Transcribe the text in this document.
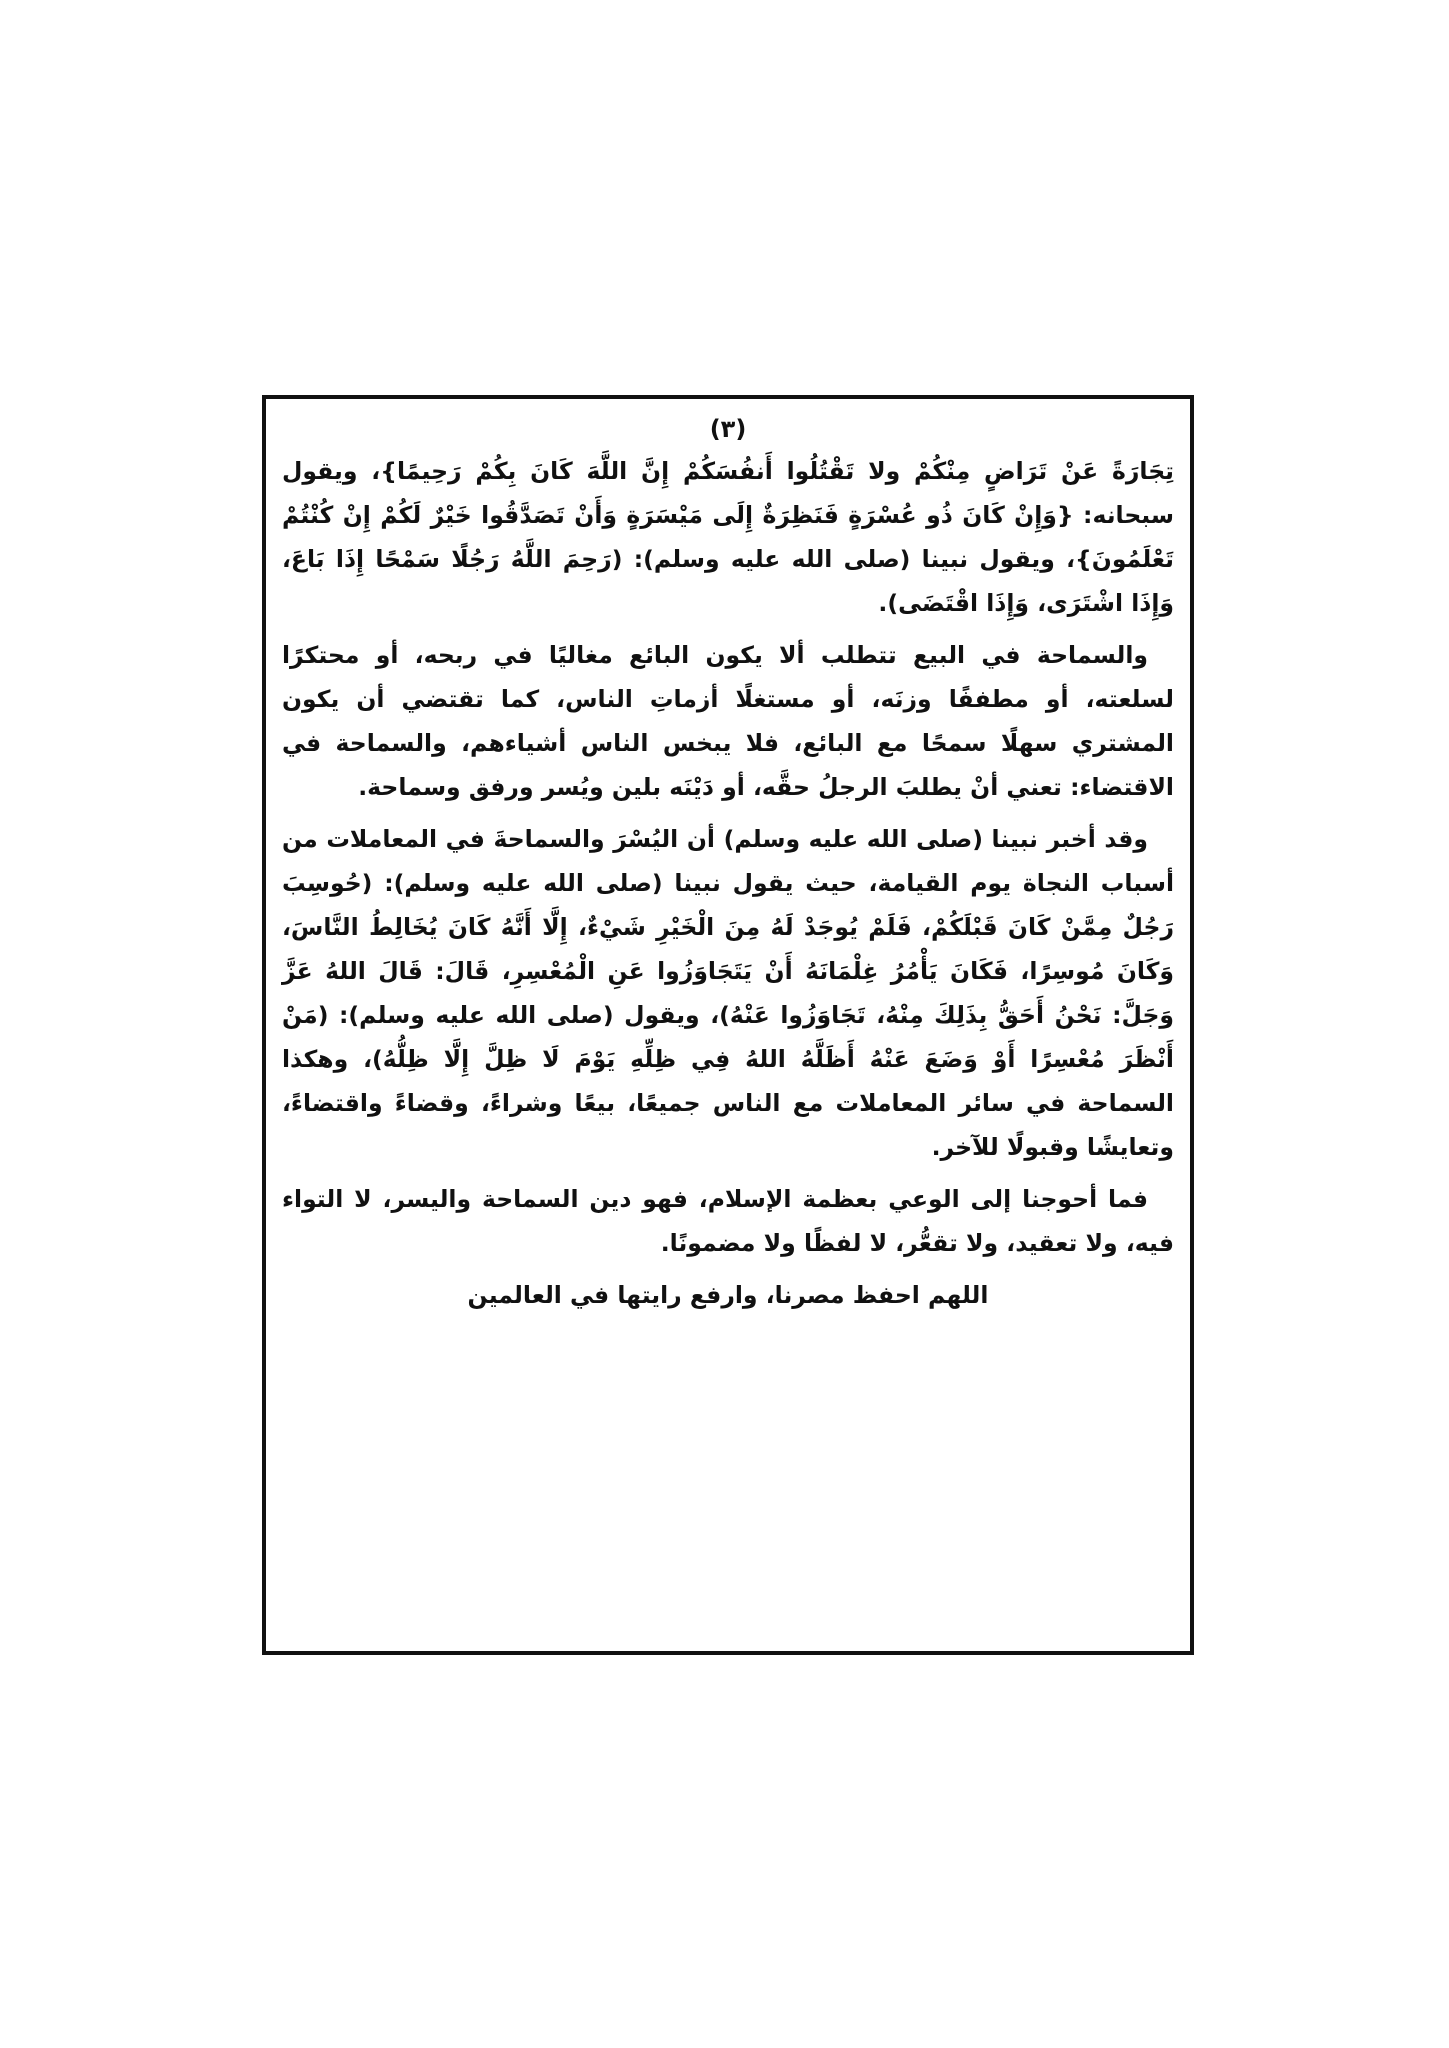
(٣)

تِجَارَةً عَنْ تَرَاضٍ مِنْكُمْ ولا تَقْتُلُوا أَنفُسَكُمْ إِنَّ اللَّهَ كَانَ بِكُمْ رَحِيمًا}، ويقول سبحانه: {وَإِنْ كَانَ ذُو عُسْرَةٍ فَنَظِرَةٌ إِلَى مَيْسَرَةٍ وَأَنْ تَصَدَّقُوا خَيْرٌ لَكُمْ إِنْ كُنْتُمْ تَعْلَمُونَ}، ويقول نبينا (صلى الله عليه وسلم): (رَحِمَ اللَّهُ رَجُلًا سَمْحًا إِذَا بَاعَ، وَإِذَا اشْتَرَى، وَإِذَا اقْتَضَى).

والسماحة في البيع تتطلب ألا يكون البائع مغاليًا في ربحه، أو محتكرًا لسلعته، أو مطففًا وزنَه، أو مستغلًا أزماتِ الناس، كما تقتضي أن يكون المشتري سهلًا سمحًا مع البائع، فلا يبخس الناس أشياءهم، والسماحة في الاقتضاء: تعني أنْ يطلبَ الرجلُ حقَّه، أو دَيْنَه بلين ويُسر ورفق وسماحة.

وقد أخبر نبينا (صلى الله عليه وسلم) أن اليُسْرَ والسماحةَ في المعاملات من أسباب النجاة يوم القيامة، حيث يقول نبينا (صلى الله عليه وسلم): (حُوسِبَ رَجُلٌ مِمَّنْ كَانَ قَبْلَكُمْ، فَلَمْ يُوجَدْ لَهُ مِنَ الْخَيْرِ شَيْءٌ، إِلَّا أَنَّهُ كَانَ يُخَالِطُ النَّاسَ، وَكَانَ مُوسِرًا، فَكَانَ يَأْمُرُ غِلْمَانَهُ أَنْ يَتَجَاوَزُوا عَنِ الْمُعْسِرِ، قَالَ: قَالَ اللهُ عَزَّ وَجَلَّ: نَحْنُ أَحَقُّ بِذَلِكَ مِنْهُ، تَجَاوَزُوا عَنْهُ)، ويقول (صلى الله عليه وسلم): (مَنْ أَنْظَرَ مُعْسِرًا أَوْ وَضَعَ عَنْهُ أَظَلَّهُ اللهُ فِي ظِلِّهِ يَوْمَ لَا ظِلَّ إِلَّا ظِلُّهُ)، وهكذا السماحة في سائر المعاملات مع الناس جميعًا، بيعًا وشراءً، وقضاءً واقتضاءً، وتعايشًا وقبولًا للآخر.

فما أحوجنا إلى الوعي بعظمة الإسلام، فهو دين السماحة واليسر، لا التواء فيه، ولا تعقيد، ولا تقعُّر، لا لفظًا ولا مضمونًا.

اللهم احفظ مصرنا، وارفع رايتها في العالمين
